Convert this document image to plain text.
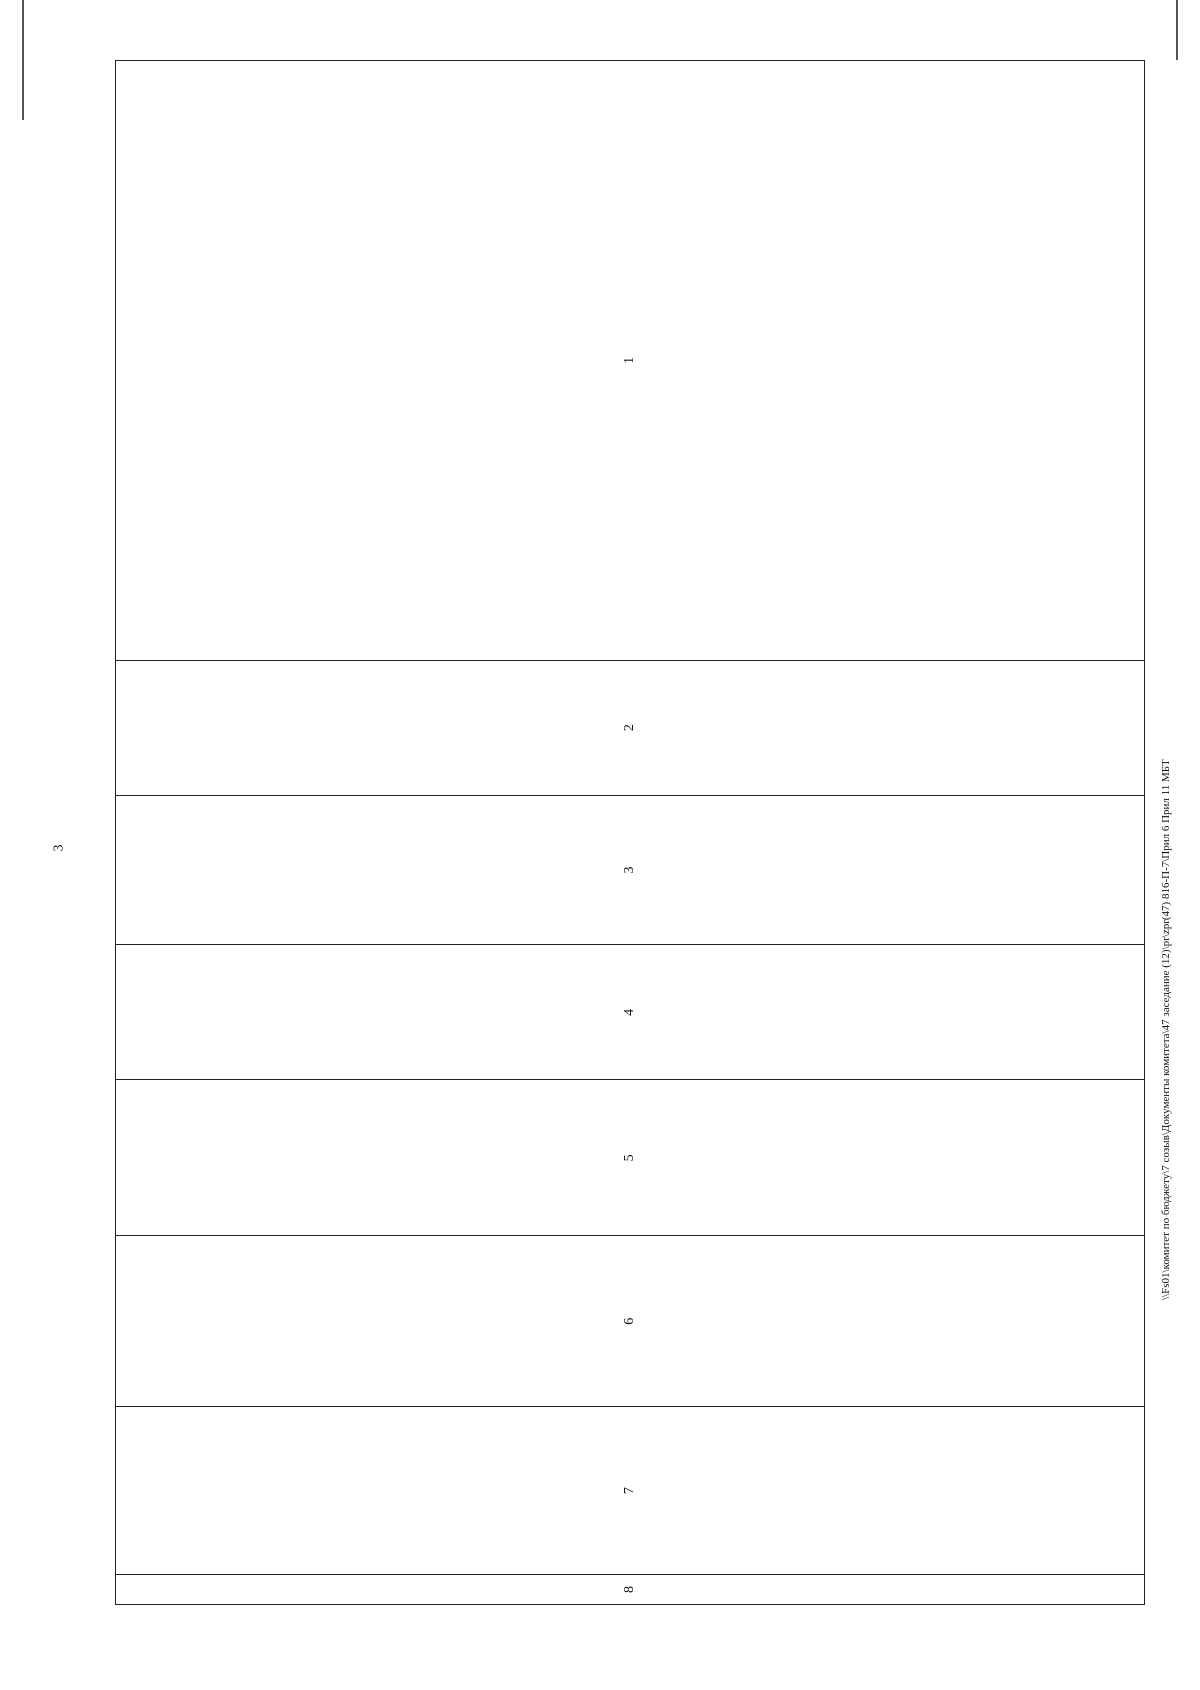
3
8	7	6	5	4	3	2	1
\\Fs01\комитет по бюджету\7 созыв\Документы комитета\47 заседание (12)\pr\zpr(47) 816-П-7\Прил 6 Прил 11 МБТ
